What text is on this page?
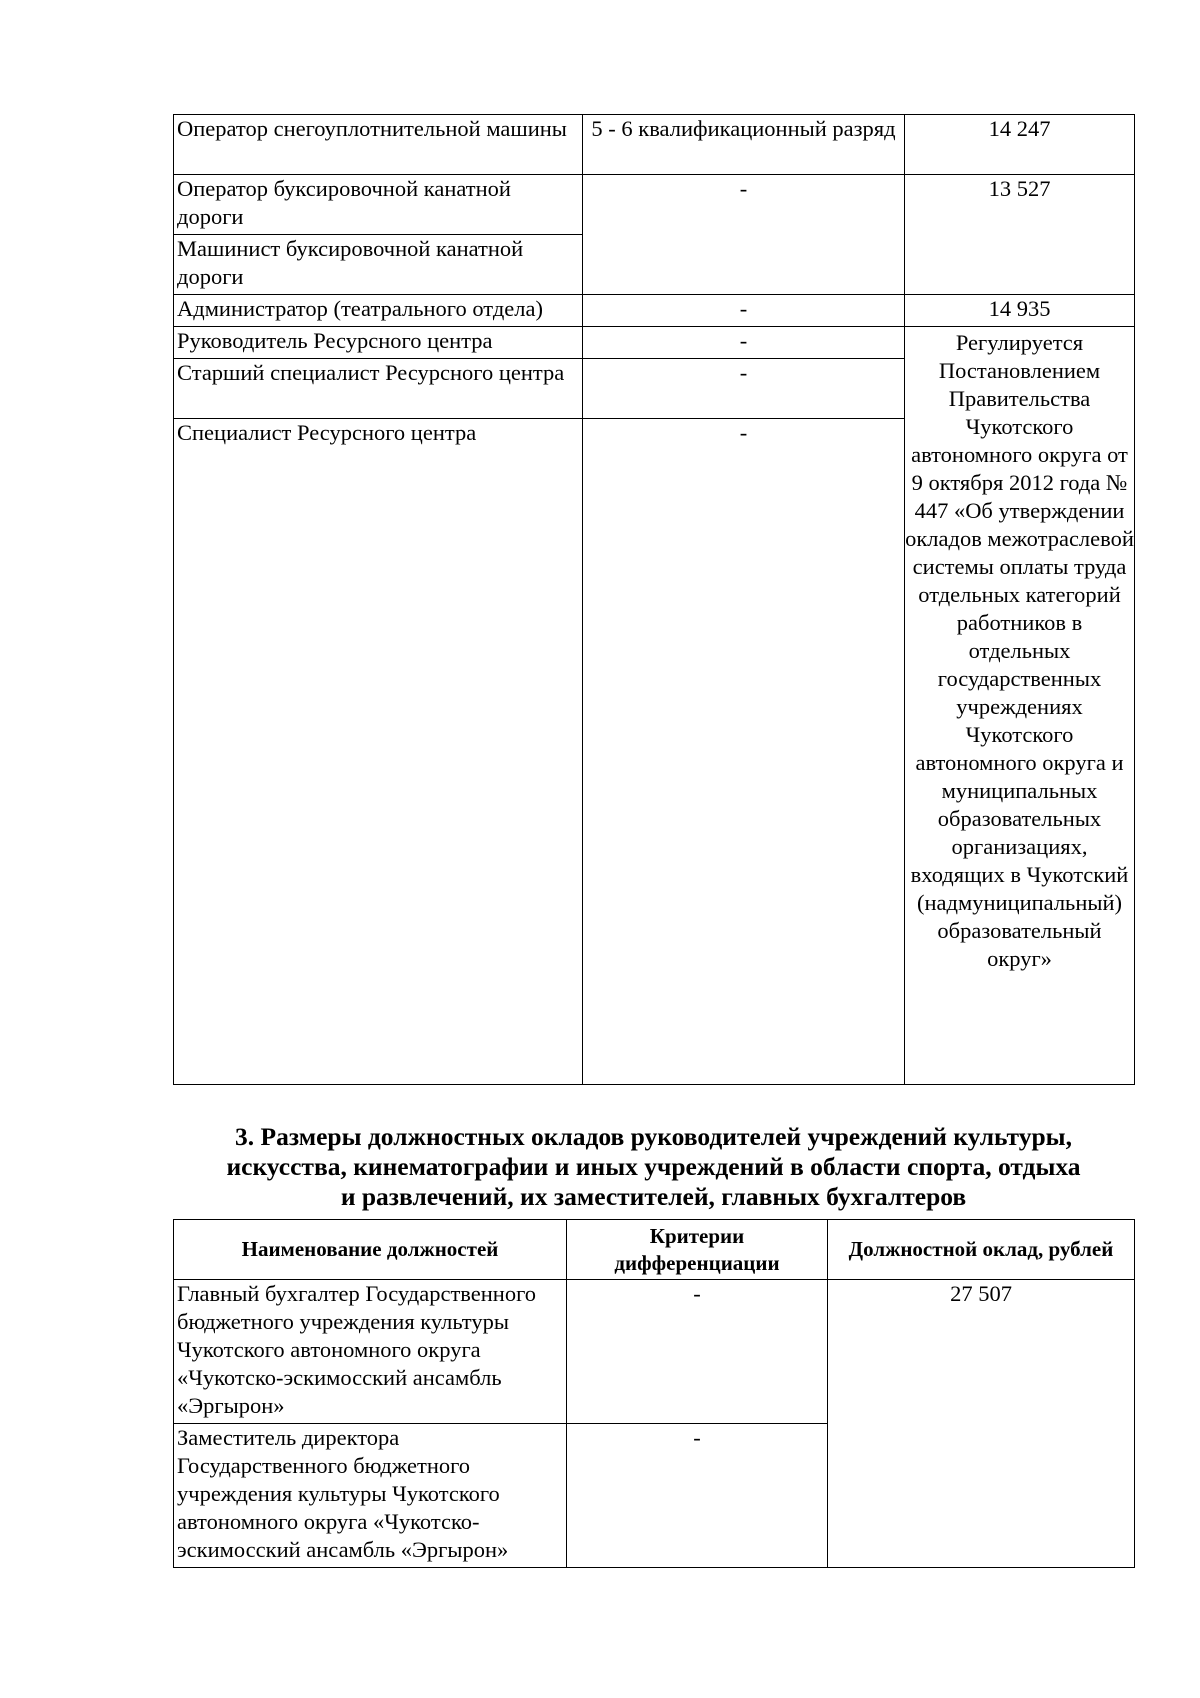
Оператор снегоуплотнительной машины	5 - 6 квалификационный разряд	14 247
Оператор буксировочной канатной дороги	-	13 527
Машинист буксировочной канатной дороги		
Администратор (театрального отдела)	-	14 935
Руководитель Ресурсного центра	-	Регулируется Постановлением Правительства Чукотского автономного округа от 9 октября 2012 года № 447 «Об утверждении окладов межотраслевой системы оплаты труда отдельных категорий работников в отдельных государственных учреждениях Чукотского автономного округа и муниципальных образовательных организациях, входящих в Чукотский (надмуниципальный) образовательный округ»
Старший специалист Ресурсного центра	-	
Специалист Ресурсного центра	-	
3. Размеры должностных окладов руководителей учреждений культуры,
искусства, кинематографии и иных учреждений в области спорта, отдыха
и развлечений, их заместителей, главных бухгалтеров
Наименование должностей	Критерии дифференциации	Должностной оклад, рублей
Главный бухгалтер Государственного бюджетного учреждения культуры Чукотского автономного округа «Чукотско-эскимосский ансамбль «Эргырон»	-	27 507
Заместитель директора Государственного бюджетного учреждения культуры Чукотского автономного округа «Чукотско-эскимосский ансамбль «Эргырон»	-	
